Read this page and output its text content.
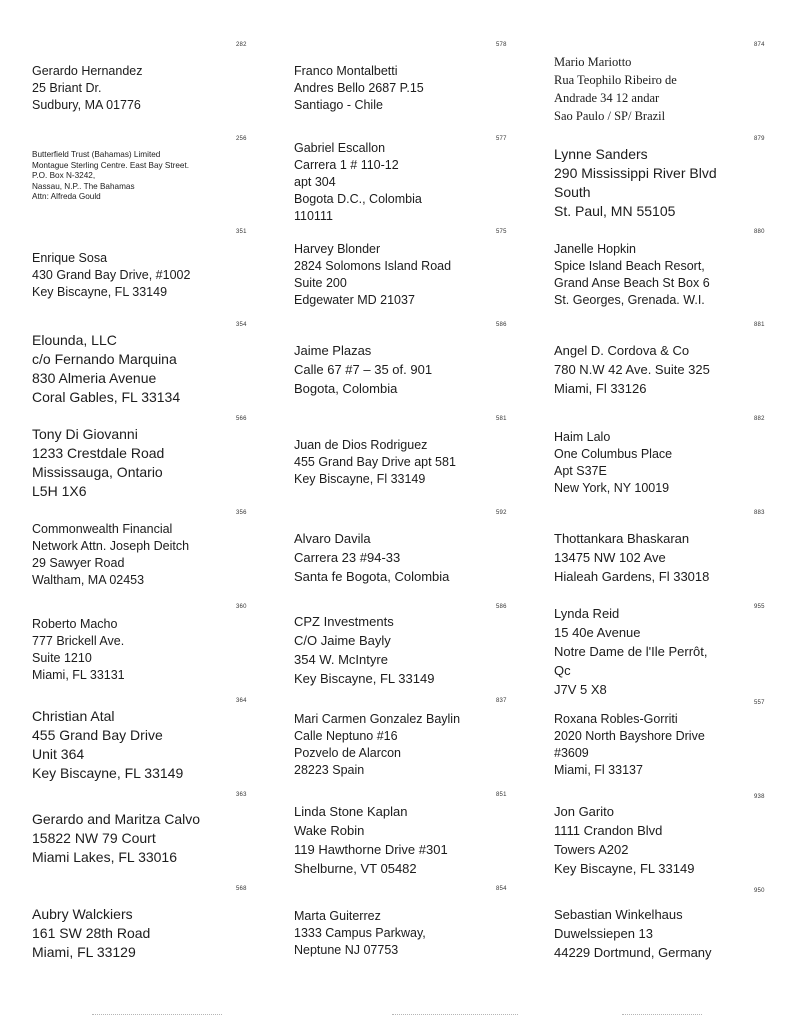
282
Gerardo Hernandez
25 Briant Dr.
Sudbury, MA 01776
256
Butterfield Trust (Bahamas) Limited
Montague Sterling Centre. East Bay Street.
P.O. Box N-3242,
Nassau, N.P.. The Bahamas
Attn: Alfreda Gould
351
Enrique Sosa
430 Grand Bay Drive, #1002
Key Biscayne, FL 33149
354
Elounda, LLC
c/o Fernando Marquina
830 Almeria Avenue
Coral Gables, FL 33134
566
Tony Di Giovanni
1233 Crestdale Road
Mississauga, Ontario
L5H 1X6
356
Commonwealth Financial
Network Attn. Joseph Deitch
29 Sawyer Road
Waltham, MA 02453
360
Roberto Macho
777 Brickell Ave.
Suite 1210
Miami, FL 33131
364
Christian Atal
455 Grand Bay Drive
Unit 364
Key Biscayne, FL 33149
363
Gerardo and Maritza Calvo
15822 NW 79 Court
Miami Lakes, FL 33016
568
Aubry Walckiers
161 SW 28th Road
Miami, FL 33129
578
Franco Montalbetti
Andres Bello 2687 P.15
Santiago - Chile
577
Gabriel Escallon
Carrera 1 # 110-12
apt 304
Bogota D.C., Colombia
110111
575
Harvey Blonder
2824 Solomons Island Road
Suite 200
Edgewater MD 21037
586
Jaime Plazas
Calle 67 #7 – 35 of. 901
Bogota, Colombia
581
Juan de Dios Rodriguez
455 Grand Bay Drive apt 581
Key Biscayne, Fl 33149
592
Alvaro Davila
Carrera 23 #94-33
Santa fe Bogota, Colombia
586
CPZ Investments
C/O Jaime Bayly
354 W. McIntyre
Key Biscayne, FL 33149
837
Mari Carmen Gonzalez Baylin
Calle Neptuno #16
Pozvelo de Alarcon
28223 Spain
851
Linda Stone Kaplan
Wake Robin
119 Hawthorne Drive #301
Shelburne, VT 05482
854
Marta Guiterrez
1333 Campus Parkway,
Neptune NJ 07753
874
Mario Mariotto
Rua Teophilo Ribeiro de
Andrade 34 12 andar
Sao Paulo / SP/ Brazil
879
Lynne Sanders
290 Mississippi River Blvd
South
St. Paul, MN 55105
880
Janelle Hopkin
Spice Island Beach Resort,
Grand Anse Beach St Box 6
St. Georges, Grenada. W.I.
881
Angel D. Cordova & Co
780 N.W 42 Ave. Suite 325
Miami, Fl 33126
882
Haim Lalo
One Columbus Place
Apt S37E
New York, NY 10019
883
Thottankara Bhaskaran
13475 NW 102 Ave
Hialeah Gardens, Fl 33018
955
Lynda Reid
15 40e Avenue
Notre Dame de l'Ile Perrôt,
Qc
J7V 5 X8
557
Roxana Robles-Gorriti
2020 North Bayshore Drive
#3609
Miami, Fl 33137
938
Jon Garito
1111 Crandon Blvd
Towers A202
Key Biscayne, FL 33149
950
Sebastian Winkelhaus
Duwelssiepen 13
44229 Dortmund, Germany
